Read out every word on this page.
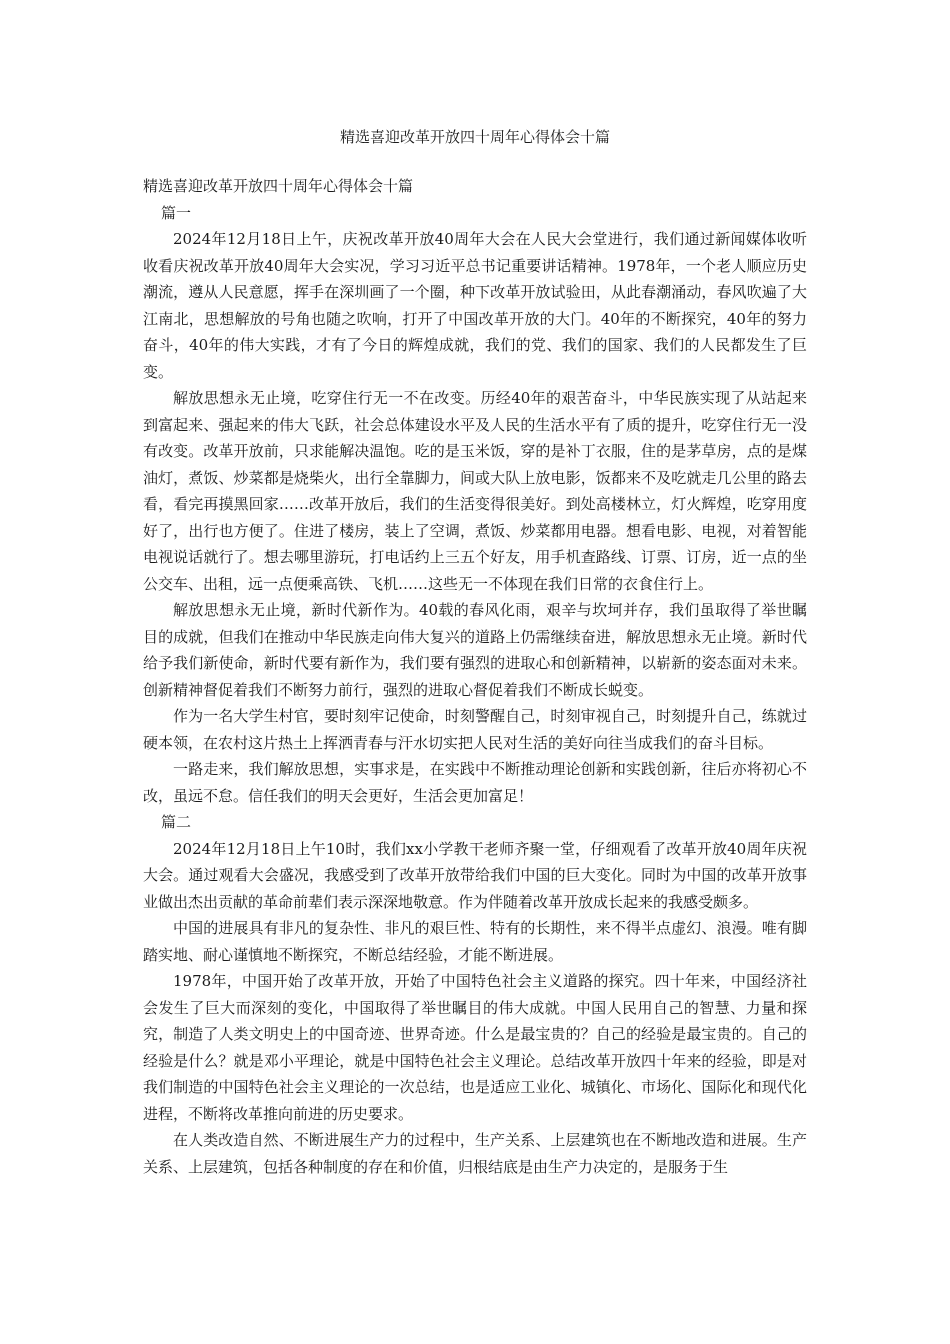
精选喜迎改革开放四十周年心得体会十篇

精选喜迎改革开放四十周年心得体会十篇

篇一

2024年12月18日上午，庆祝改革开放40周年大会在人民大会堂进行，我们通过新闻媒体收听收看庆祝改革开放40周年大会实况，学习习近平总书记重要讲话精神。1978年，一个老人顺应历史潮流，遵从人民意愿，挥手在深圳画了一个圈，种下改革开放试验田，从此春潮涌动，春风吹遍了大江南北，思想解放的号角也随之吹响，打开了中国改革开放的大门。40年的不断探究，40年的努力奋斗，40年的伟大实践，才有了今日的辉煌成就，我们的党、我们的国家、我们的人民都发生了巨变。

解放思想永无止境，吃穿住行无一不在改变。历经40年的艰苦奋斗，中华民族实现了从站起来到富起来、强起来的伟大飞跃，社会总体建设水平及人民的生活水平有了质的提升，吃穿住行无一没有改变。改革开放前，只求能解决温饱。吃的是玉米饭，穿的是补丁衣服，住的是茅草房，点的是煤油灯，煮饭、炒菜都是烧柴火，出行全靠脚力，间或大队上放电影，饭都来不及吃就走几公里的路去看，看完再摸黑回家……改革开放后，我们的生活变得很美好。到处高楼林立，灯火辉煌，吃穿用度好了，出行也方便了。住进了楼房，装上了空调，煮饭、炒菜都用电器。想看电影、电视，对着智能电视说话就行了。想去哪里游玩，打电话约上三五个好友，用手机查路线、订票、订房，近一点的坐公交车、出租，远一点便乘高铁、飞机……这些无一不体现在我们日常的衣食住行上。

解放思想永无止境，新时代新作为。40载的春风化雨，艰辛与坎坷并存，我们虽取得了举世瞩目的成就，但我们在推动中华民族走向伟大复兴的道路上仍需继续奋进，解放思想永无止境。新时代给予我们新使命，新时代要有新作为，我们要有强烈的进取心和创新精神，以崭新的姿态面对未来。创新精神督促着我们不断努力前行，强烈的进取心督促着我们不断成长蜕变。

作为一名大学生村官，要时刻牢记使命，时刻警醒自己，时刻审视自己，时刻提升自己，练就过硬本领，在农村这片热土上挥洒青春与汗水切实把人民对生活的美好向往当成我们的奋斗目标。

一路走来，我们解放思想，实事求是，在实践中不断推动理论创新和实践创新，往后亦将初心不改，虽远不怠。信任我们的明天会更好，生活会更加富足！

篇二

2024年12月18日上午10时，我们xx小学教干老师齐聚一堂，仔细观看了改革开放40周年庆祝大会。通过观看大会盛况，我感受到了改革开放带给我们中国的巨大变化。同时为中国的改革开放事业做出杰出贡献的革命前辈们表示深深地敬意。作为伴随着改革开放成长起来的我感受颇多。

中国的进展具有非凡的复杂性、非凡的艰巨性、特有的长期性，来不得半点虚幻、浪漫。唯有脚踏实地、耐心谨慎地不断探究，不断总结经验，才能不断进展。

1978年，中国开始了改革开放，开始了中国特色社会主义道路的探究。四十年来，中国经济社会发生了巨大而深刻的变化，中国取得了举世瞩目的伟大成就。中国人民用自己的智慧、力量和探究，制造了人类文明史上的中国奇迹、世界奇迹。什么是最宝贵的？自己的经验是最宝贵的。自己的经验是什么？就是邓小平理论，就是中国特色社会主义理论。总结改革开放四十年来的经验，即是对我们制造的中国特色社会主义理论的一次总结，也是适应工业化、城镇化、市场化、国际化和现代化进程，不断将改革推向前进的历史要求。

在人类改造自然、不断进展生产力的过程中，生产关系、上层建筑也在不断地改造和进展。生产关系、上层建筑，包括各种制度的存在和价值，归根结底是由生产力决定的，是服务于生
